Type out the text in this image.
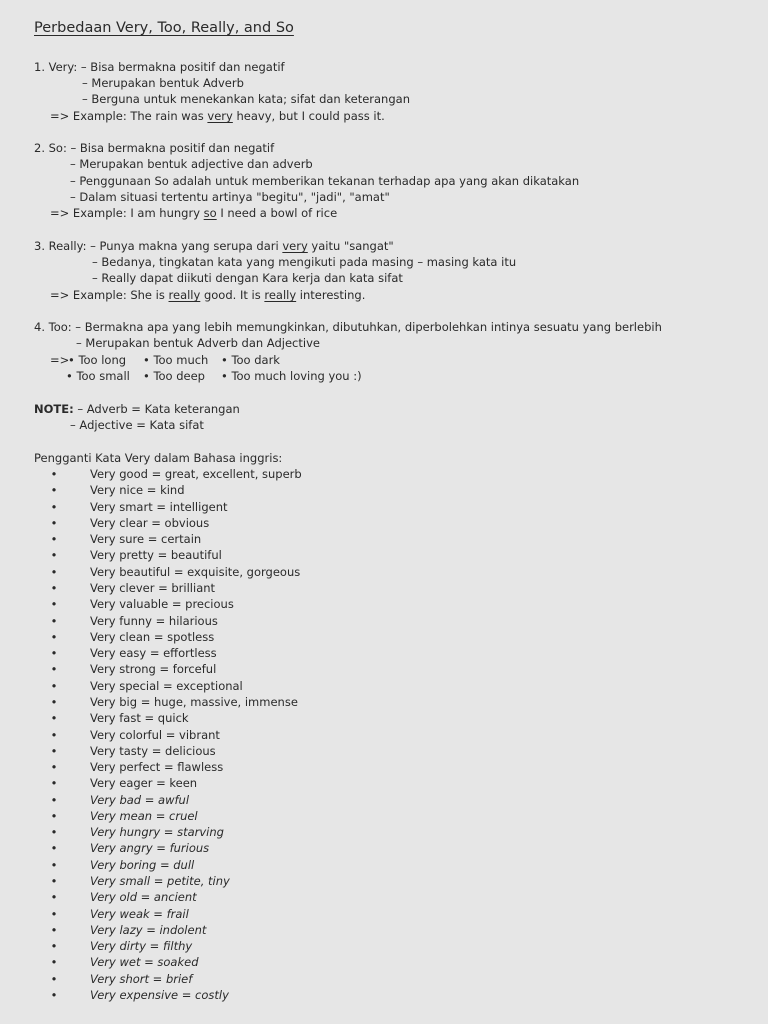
Perbedaan Very, Too, Really, and So
1. Very: – Bisa bermakna positif dan negatif
– Merupakan bentuk Adverb
– Berguna untuk menekankan kata; sifat dan keterangan
=> Example: The rain was very heavy, but I could pass it.
2. So: – Bisa bermakna positif dan negatif
– Merupakan bentuk adjective dan adverb
– Penggunaan So adalah untuk memberikan tekanan terhadap apa yang akan dikatakan
– Dalam situasi tertentu artinya "begitu", "jadi", "amat"
=> Example: I am hungry so I need a bowl of rice
3. Really: – Punya makna yang serupa dari very yaitu "sangat"
– Bedanya, tingkatan kata yang mengikuti pada masing – masing kata itu
– Really dapat diikuti dengan Kara kerja dan kata sifat
=> Example: She is really good. It is really interesting.
4. Too: – Bermakna apa yang lebih memungkinkan, dibutuhkan, diperbolehkan intinya sesuatu yang berlebih
– Merupakan bentuk Adverb dan Adjective
=>
• Too long • Too much • Too dark
• Too small • Too deep • Too much loving you :)
NOTE: – Adverb = Kata keterangan
– Adjective = Kata sifat
Pengganti Kata Very dalam Bahasa inggris:
•	Very good = great, excellent, superb
•	Very nice = kind
•	Very smart = intelligent
•	Very clear = obvious
•	Very sure = certain
•	Very pretty = beautiful
•	Very beautiful = exquisite, gorgeous
•	Very clever = brilliant
•	Very valuable = precious
•	Very funny = hilarious
•	Very clean = spotless
•	Very easy = effortless
•	Very strong = forceful
•	Very special = exceptional
•	Very big = huge, massive, immense
•	Very fast = quick
•	Very colorful = vibrant
•	Very tasty = delicious
•	Very perfect = flawless
•	Very eager = keen
•	Very bad = awful
•	Very mean = cruel
•	Very hungry = starving
•	Very angry = furious
•	Very boring = dull
•	Very small = petite, tiny
•	Very old = ancient
•	Very weak = frail
•	Very lazy = indolent
•	Very dirty = filthy
•	Very wet = soaked
•	Very short = brief
•	Very expensive = costly
